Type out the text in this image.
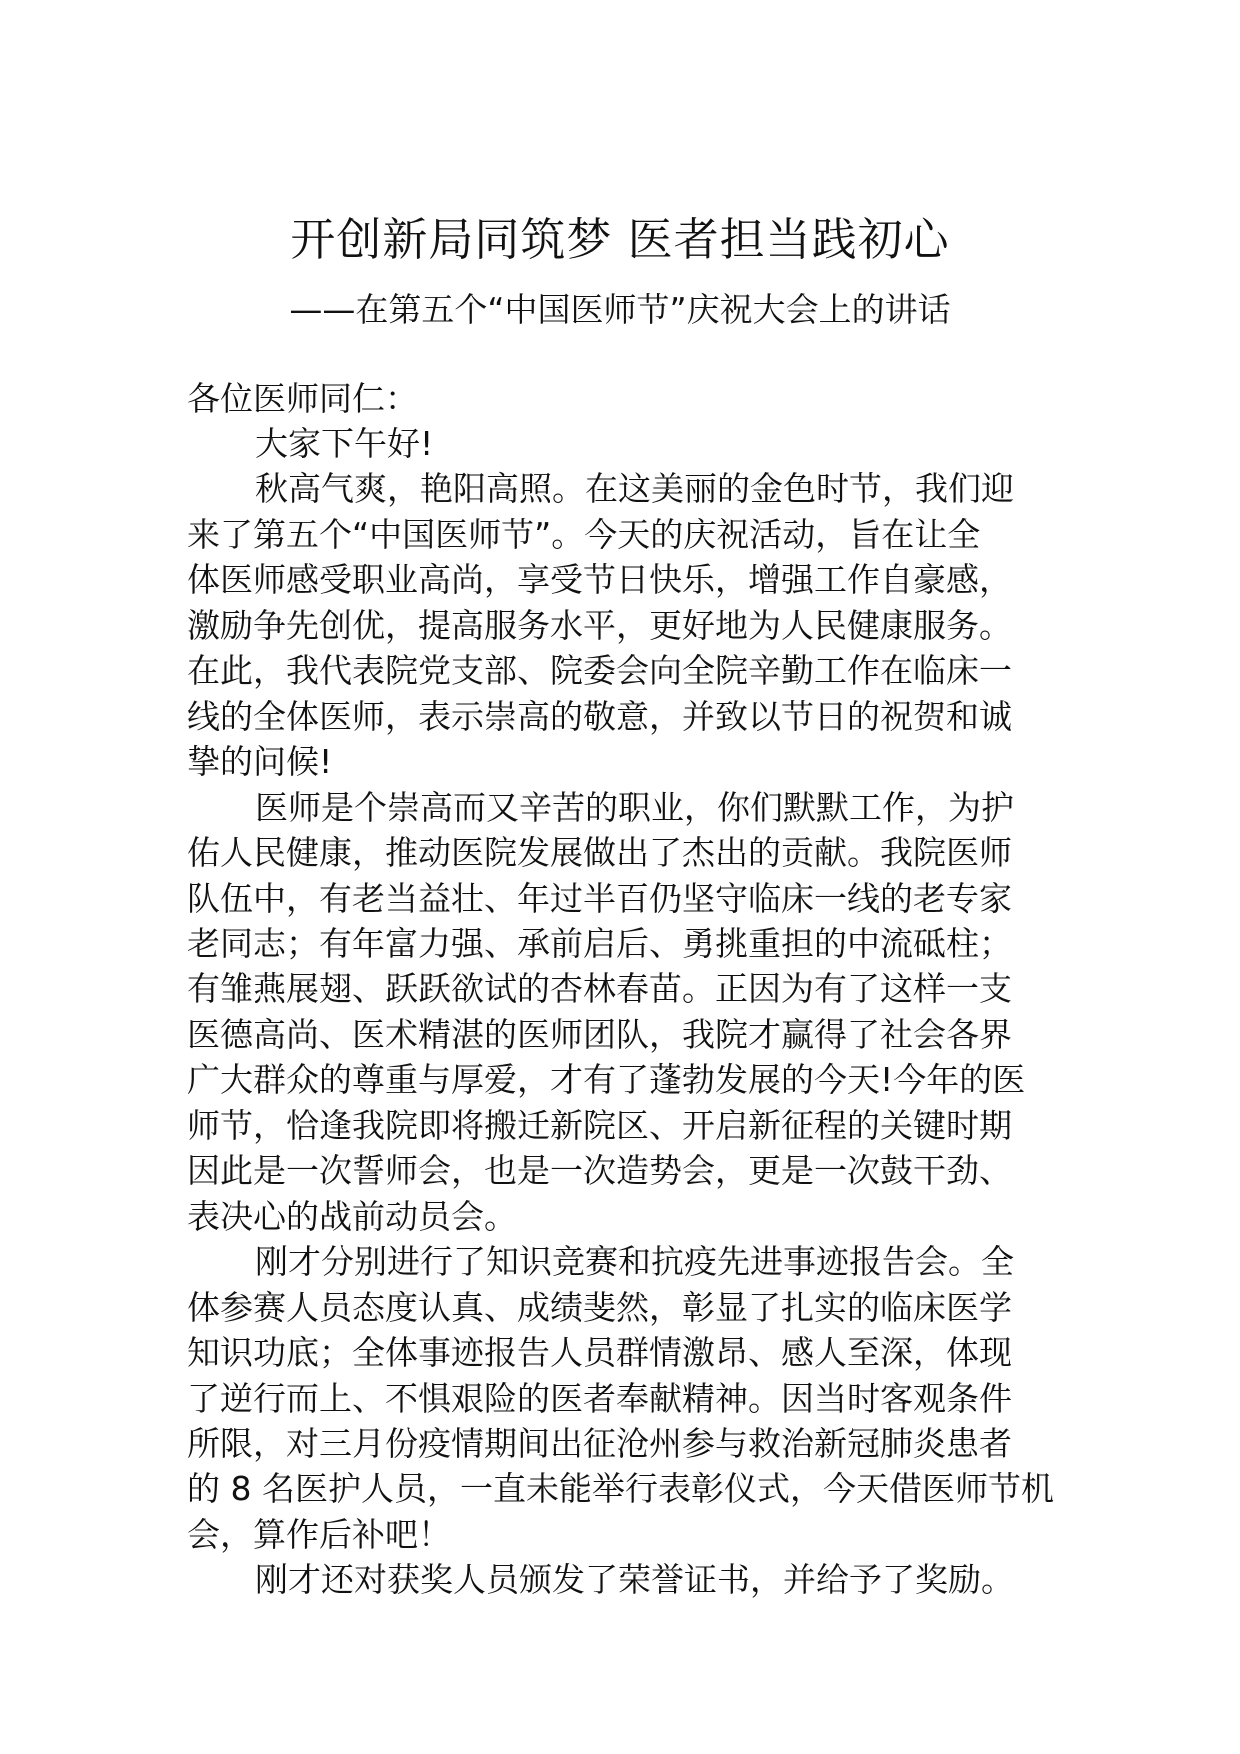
开创新局同筑梦 医者担当践初心
——在第五个“中国医师节”庆祝大会上的讲话
各位医师同仁：

大家下午好!

秋高气爽，艳阳高照。在这美丽的金色时节，我们迎

来了第五个“中国医师节”。今天的庆祝活动，旨在让全

体医师感受职业高尚，享受节日快乐，增强工作自豪感，

激励争先创优，提高服务水平，更好地为人民健康服务。

在此，我代表院党支部、院委会向全院辛勤工作在临床一

线的全体医师，表示崇高的敬意，并致以节日的祝贺和诚

挚的问候!

医师是个崇高而又辛苦的职业，你们默默工作，为护

佑人民健康，推动医院发展做出了杰出的贡献。我院医师

队伍中，有老当益壮、年过半百仍坚守临床一线的老专家

老同志；有年富力强、承前启后、勇挑重担的中流砥柱；

有雏燕展翅、跃跃欲试的杏林春苗。正因为有了这样一支

医德高尚、医术精湛的医师团队，我院才赢得了社会各界

广大群众的尊重与厚爱，才有了蓬勃发展的今天!今年的医

师节，恰逢我院即将搬迁新院区、开启新征程的关键时期

因此是一次誓师会，也是一次造势会，更是一次鼓干劲、

表决心的战前动员会。

刚才分别进行了知识竞赛和抗疫先进事迹报告会。全

体参赛人员态度认真、成绩斐然，彰显了扎实的临床医学

知识功底；全体事迹报告人员群情激昂、感人至深，体现

了逆行而上、不惧艰险的医者奉献精神。因当时客观条件

所限，对三月份疫情期间出征沧州参与救治新冠肺炎患者

的 8 名医护人员，一直未能举行表彰仪式，今天借医师节机

会，算作后补吧！

刚才还对获奖人员颁发了荣誉证书，并给予了奖励。
